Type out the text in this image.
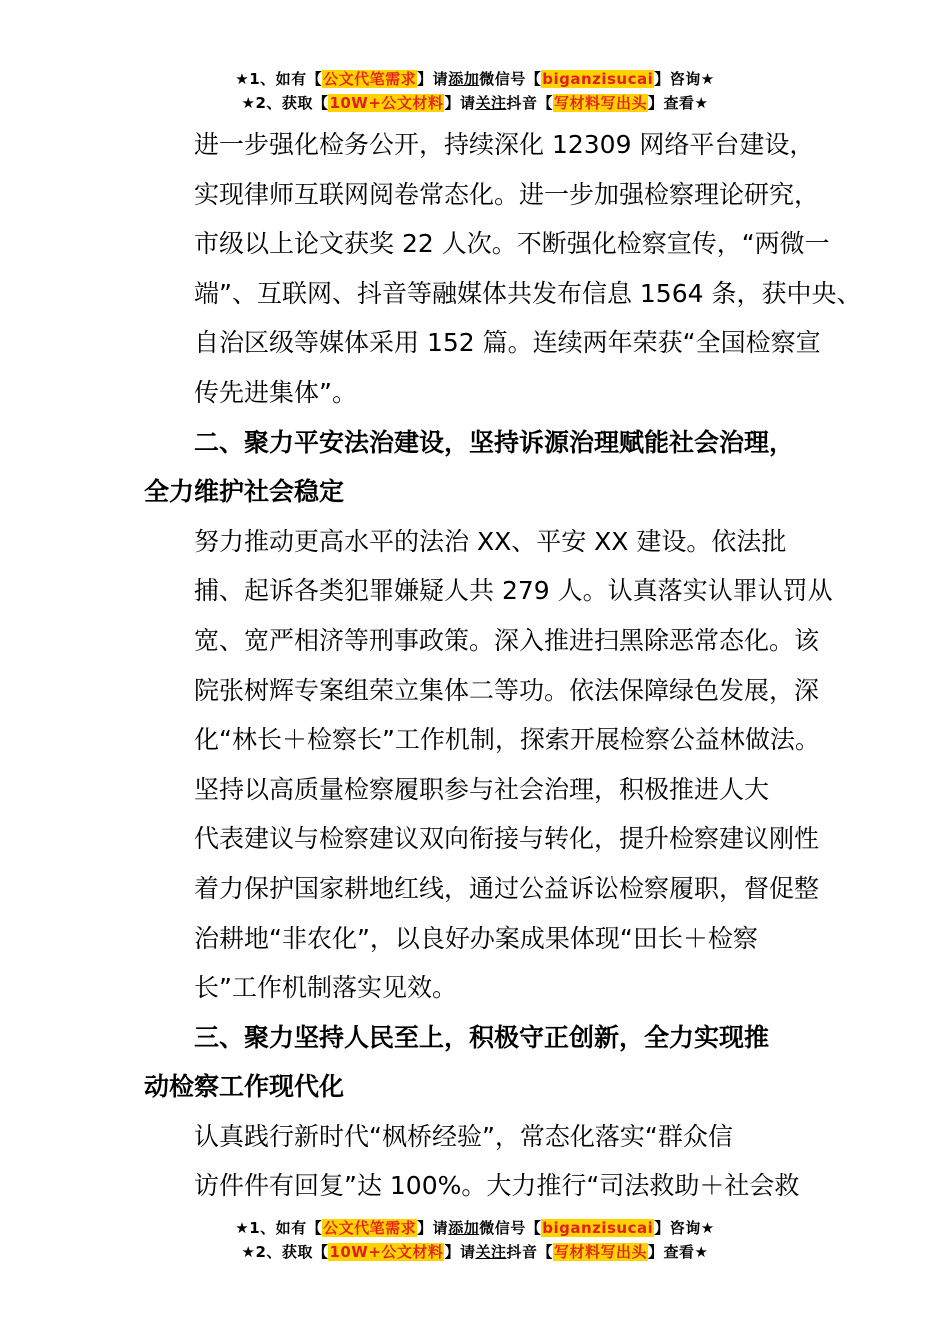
★1、如有【公文代笔需求】请添加微信号【biganzisucai】咨询★
★2、获取【10W+公文材料】请关注抖音【写材料写出头】查看★

进一步强化检务公开，持续深化 12309 网络平台建设，
实现律师互联网阅卷常态化。进一步加强检察理论研究，
市级以上论文获奖 22 人次。不断强化检察宣传，“两微一
端”、互联网、抖音等融媒体共发布信息 1564 条，获中央、
自治区级等媒体采用 152 篇。连续两年荣获“全国检察宣
传先进集体”。

二、聚力平安法治建设，坚持诉源治理赋能社会治理，
全力维护社会稳定

努力推动更高水平的法治 XX、平安 XX 建设。依法批
捕、起诉各类犯罪嫌疑人共 279 人。认真落实认罪认罚从
宽、宽严相济等刑事政策。深入推进扫黑除恶常态化。该
院张树辉专案组荣立集体二等功。依法保障绿色发展，深
化“林长＋检察长”工作机制，探索开展检察公益林做法。

坚持以高质量检察履职参与社会治理，积极推进人大
代表建议与检察建议双向衔接与转化，提升检察建议刚性
着力保护国家耕地红线，通过公益诉讼检察履职，督促整
治耕地“非农化”，以良好办案成果体现“田长＋检察
长”工作机制落实见效。

三、聚力坚持人民至上，积极守正创新，全力实现推
动检察工作现代化

认真践行新时代“枫桥经验”，常态化落实“群众信
访件件有回复”达 100%。大力推行“司法救助＋社会救

★1、如有【公文代笔需求】请添加微信号【biganzisucai】咨询★
★2、获取【10W+公文材料】请关注抖音【写材料写出头】查看★
